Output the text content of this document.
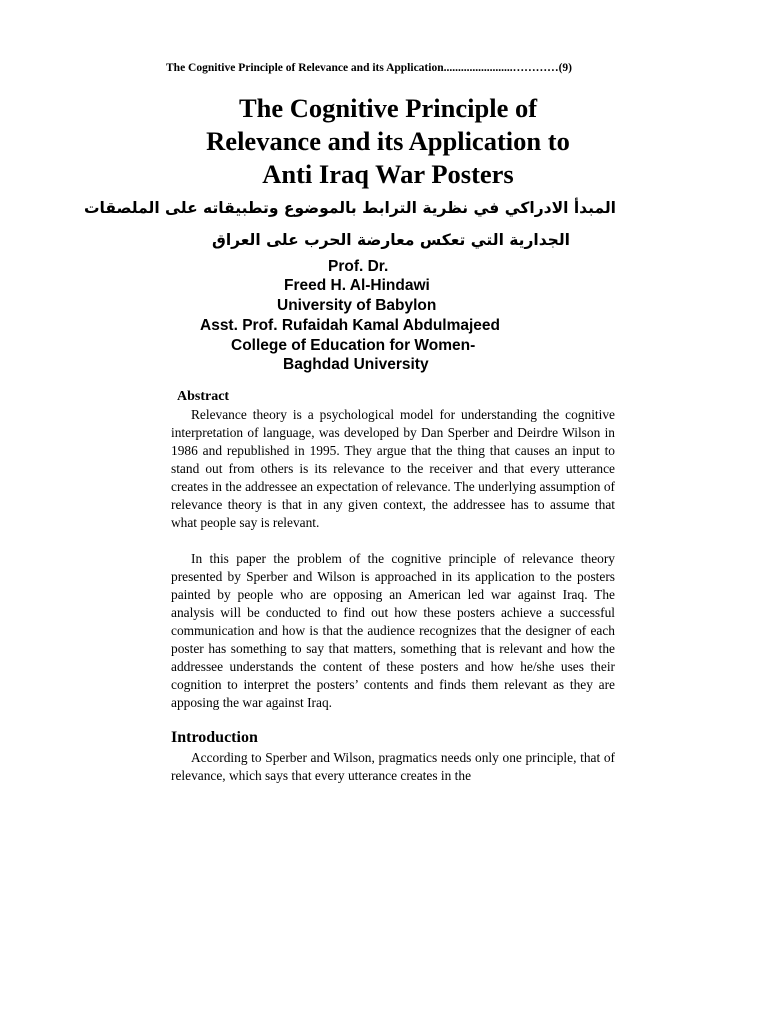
The Cognitive Principle of Relevance and its Application........................…………(9)
The Cognitive Principle of
Relevance and its Application to
Anti Iraq War Posters
المبدأ الادراكي في نظرية الترابط بالموضوع وتطبيقاته على الملصقات
الجدارية التي تعكس معارضة الحرب على العراق
Prof. Dr.
Freed H. Al-Hindawi
University of Babylon
Asst. Prof. Rufaidah Kamal Abdulmajeed
College of Education for Women-
Baghdad University
Abstract

Relevance theory is a psychological model for understanding the cognitive interpretation of language, was developed by Dan Sperber and Deirdre Wilson in 1986 and republished in 1995. They argue that the thing that causes an input to stand out from others is its relevance to the receiver and that every utterance creates in the addressee an expectation of relevance. The underlying assumption of relevance theory is that in any given context, the addressee has to assume that what people say is relevant.

In this paper the problem of the cognitive principle of relevance theory presented by Sperber and Wilson is approached in its application to the posters painted by people who are opposing an American led war against Iraq. The analysis will be conducted to find out how these posters achieve a successful communication and how is that the audience recognizes that the designer of each poster has something to say that matters, something that is relevant and how the addressee understands the content of these posters and how he/she uses their cognition to interpret the posters’ contents and finds them relevant as they are apposing the war against Iraq.

Introduction

According to Sperber and Wilson, pragmatics needs only one principle, that of relevance, which says that every utterance creates in the
